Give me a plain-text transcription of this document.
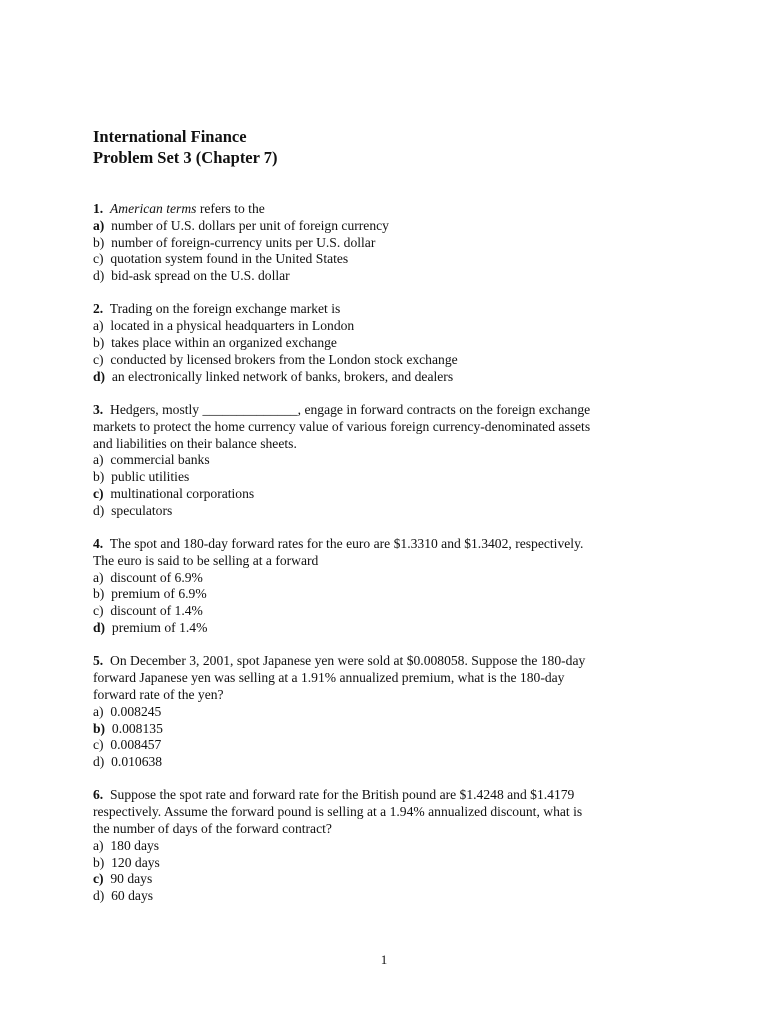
International Finance
Problem Set 3 (Chapter 7)
1. American terms refers to the
a) number of U.S. dollars per unit of foreign currency
b) number of foreign-currency units per U.S. dollar
c) quotation system found in the United States
d) bid-ask spread on the U.S. dollar
2. Trading on the foreign exchange market is
a) located in a physical headquarters in London
b) takes place within an organized exchange
c) conducted by licensed brokers from the London stock exchange
d) an electronically linked network of banks, brokers, and dealers
3. Hedgers, mostly ______________, engage in forward contracts on the foreign exchange
markets to protect the home currency value of various foreign currency-denominated assets
and liabilities on their balance sheets.
a) commercial banks
b) public utilities
c) multinational corporations
d) speculators
4. The spot and 180-day forward rates for the euro are $1.3310 and $1.3402, respectively.
The euro is said to be selling at a forward
a) discount of 6.9%
b) premium of 6.9%
c) discount of 1.4%
d) premium of 1.4%
5. On December 3, 2001, spot Japanese yen were sold at $0.008058. Suppose the 180-day
forward Japanese yen was selling at a 1.91% annualized premium, what is the 180-day
forward rate of the yen?
a) 0.008245
b) 0.008135
c) 0.008457
d) 0.010638
6. Suppose the spot rate and forward rate for the British pound are $1.4248 and $1.4179
respectively. Assume the forward pound is selling at a 1.94% annualized discount, what is
the number of days of the forward contract?
a) 180 days
b) 120 days
c) 90 days
d) 60 days
1
